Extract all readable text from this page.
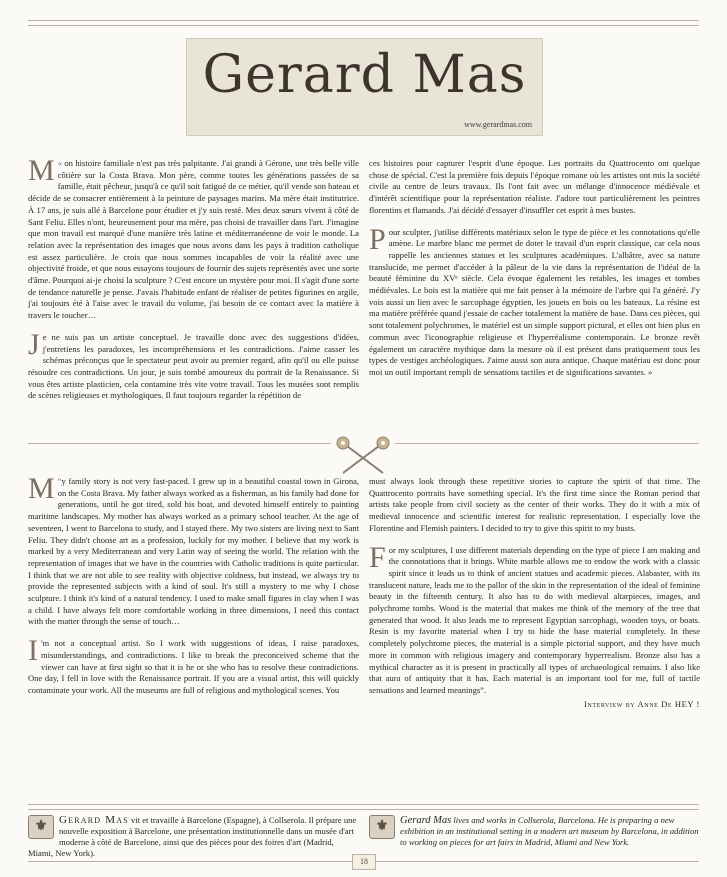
Gerard Mas
www.gerardmas.com

«
M on histoire familiale n'est pas très palpitante. J'ai grandi à Gérone, une très belle ville côtière sur la Costa Brava. Mon père, comme toutes les générations passées de sa famille, était pêcheur, jusqu'à ce qu'il soit fatigué de ce métier, qu'il vende son bateau et décide de se consacrer entièrement à la peinture de paysages marins. Ma mère était institutrice. À 17 ans, je suis allé à Barcelone pour étudier et j'y suis resté. Mes deux sœurs vivent à côté de Sant Feliu. Elles n'ont, heureusement pour ma mère, pas choisi de travailler dans l'art. J'imagine que mon travail est marqué d'une manière très latine et méditerranéenne de voir le monde. La relation avec la représentation des images que nous avons dans les pays à tradition catholique est assez particulière. Je crois que nous sommes incapables de voir la réalité avec une objectivité froide, et que nous essayons toujours de fournir des sujets représentés avec une sorte d'âme. Pourquoi ai-je choisi la sculpture ? C'est encore un mystère pour moi. Il s'agit d'une sorte de tendance naturelle je pense. J'avais l'habitude enfant de réaliser de petites figurines en argile, j'ai toujours été à l'aise avec le travail du volume, j'ai besoin de ce contact avec la matière à travers le toucher…

Je ne suis pas un artiste conceptuel. Je travaille donc avec des suggestions d'idées, j'entretiens les paradoxes, les incompréhensions et les contradictions. J'aime casser les schémas préconçus que le spectateur peut avoir au premier regard, afin qu'il ou elle puisse résoudre ces contradictions. Un jour, je suis tombé amoureux du portrait de la Renaissance. Si vous êtes artiste plasticien, cela contamine très vite votre travail. Tous les musées sont remplis de scènes religieuses et mythologiques. Il faut toujours regarder la répétition de

ces histoires pour capturer l'esprit d'une époque. Les portraits du Quattrocento ont quelque chose de spécial. C'est la première fois depuis l'époque romane où les artistes ont mis la société civile au centre de leurs travaux. Ils l'ont fait avec un mélange d'innocence médiévale et d'intérêt scientifique pour la représentation réaliste. J'adore tout particulièrement les peintres florentins et flamands. J'ai décidé d'essayer d'insuffler cet esprit à mes bustes.

Pour sculpter, j'utilise différents matériaux selon le type de pièce et les connotations qu'elle amène. Le marbre blanc me permet de doter le travail d'un esprit classique, car cela nous rappelle les anciennes statues et les sculptures académiques. L'albâtre, avec sa nature translucide, me permet d'accéder à la pâleur de la vie dans la représentation de l'idéal de la beauté féminine du XVᵉ siècle. Cela évoque également les retables, les images et tombes médiévales. Le bois est la matière qui me fait penser à la mémoire de l'arbre qui l'a généré. J'y vois aussi un lien avec le sarcophage égyptien, les jouets en bois ou les bateaux. La résine est ma matière préférée quand j'essaie de cacher totalement la matière de base. Dans ces pièces, qui sont totalement polychromes, le matériel est un simple support pictural, et elles ont bien plus en commun avec l'iconographie religieuse et l'hyperréalisme contemporain. Le bronze revêt également un caractère mythique dans la mesure où il est présent dans pratiquement tous les types de vestiges archéologiques. J'aime aussi son aura antique. Chaque matériau est donc pour moi un outil important rempli de sensations tactiles et de significations savantes. »

“
M y family story is not very fast-paced. I grew up in a beautiful coastal town in Girona, on the Costa Brava. My father always worked as a fisherman, as his family had done for generations, until he got tired, sold his boat, and devoted himself entirely to painting maritime landscapes. My mother has always worked as a primary school teacher. At the age of seventeen, I went to Barcelona to study, and I stayed there. My two sisters are living next to Sant Feliu. They didn't choose art as a profession, luckily for my mother. I believe that my work is marked by a very Mediterranean and very Latin way of seeing the world. The relation with the representation of images that we have in the countries with Catholic traditions is quite particular. I think that we are not able to see reality with objective coldness, but instead, we always try to provide the represented subjects with a kind of soul. It's still a mystery to me why I chose sculpture. I think it's kind of a natural tendency. I used to make small figures in clay when I was a child. I have always felt more comfortable working in three dimensions, I need this contact with the matter through the sense of touch…

I 'm not a conceptual artist. So I work with suggestions of ideas, I raise paradoxes, misunderstandings, and contradictions. I like to break the preconceived scheme that the viewer can have at first sight so that it is he or she who has to resolve these contradictions. One day, I fell in love with the Renaissance portrait. If you are a visual artist, this will quickly contaminate your work. All the museums are full of religious and mythological scenes. You

must always look through these repetitive stories to capture the spirit of that time. The Quattrocento portraits have something special. It's the first time since the Roman period that artists take people from civil society as the center of their works. They do it with a mix of medieval innocence and scientific interest for realistic representation. I especially love the Florentine and Flemish painters. I decided to try to give this spirit to my busts.

For my sculptures, I use different materials depending on the type of piece I am making and the connotations that it brings. White marble allows me to endow the work with a classic spirit since it leads us to think of ancient statues and academic pieces. Alabaster, with its translucent nature, leads me to the pallor of the skin in the representation of the ideal of feminine beauty in the fifteenth century. It also has to do with medieval altarpieces, images, and polychrome tombs. Wood is the material that makes me think of the memory of the tree that generated that wood. It also leads me to represent Egyptian sarcophagi, wooden toys, or boats. Resin is my favorite material when I try to hide the base material completely. In these completely polychrome pieces, the material is a simple pictorial support, and they have much more in common with religious imagery and contemporary hyperrealism. Bronze also has a mythical character as it is present in practically all types of archaeological remains. I also like that aura of antiquity that it has. Each material is an important tool for me, full of tactile sensations and learned meanings”.

Interview by Anne De HEY !
⚜	Gerard Mas vit et travaille à Barcelone (Espagne), à Collserola. Il prépare une nouvelle exposition à Barcelone, une présentation institutionnelle dans un musée d'art moderne à côté de Barcelone, ainsi que des pièces pour des foires d'art (Madrid, Miami, New York).
⚜	Gerard Mas lives and works in Collserola, Barcelona. He is preparing a new exhibition in an institutional setting in a modern art museum by Barcelona, in addition to working on pieces for art fairs in Madrid, Miami and New York.
18
